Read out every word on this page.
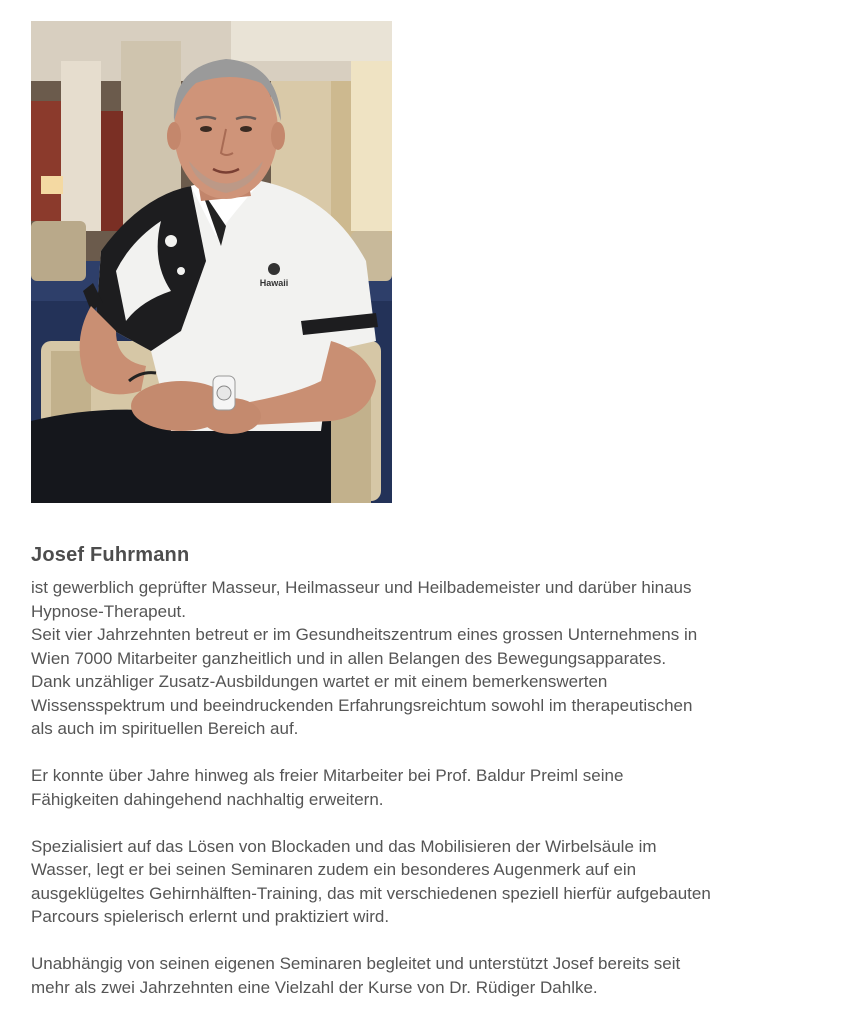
Hawaii
Josef Fuhrmann

ist gewerblich geprüfter Masseur, Heilmasseur und Heilbademeister und darüber hinaus
Hypnose-Therapeut.
Seit vier Jahrzehnten betreut er im Gesundheitszentrum eines grossen Unternehmens in
Wien 7000 Mitarbeiter ganzheitlich und in allen Belangen des Bewegungsapparates.
Dank unzähliger Zusatz-Ausbildungen wartet er mit einem bemerkenswerten
Wissensspektrum und beeindruckenden Erfahrungsreichtum sowohl im therapeutischen
als auch im spirituellen Bereich auf.

Er konnte über Jahre hinweg als freier Mitarbeiter bei Prof. Baldur Preiml seine
Fähigkeiten dahingehend nachhaltig erweitern.

Spezialisiert auf das Lösen von Blockaden und das Mobilisieren der Wirbelsäule im
Wasser, legt er bei seinen Seminaren zudem ein besonderes Augenmerk auf ein
ausgeklügeltes Gehirnhälften-Training, das mit verschiedenen speziell hierfür aufgebauten
Parcours spielerisch erlernt und praktiziert wird.

Unabhängig von seinen eigenen Seminaren begleitet und unterstützt Josef bereits seit
mehr als zwei Jahrzehnten eine Vielzahl der Kurse von Dr. Rüdiger Dahlke.
